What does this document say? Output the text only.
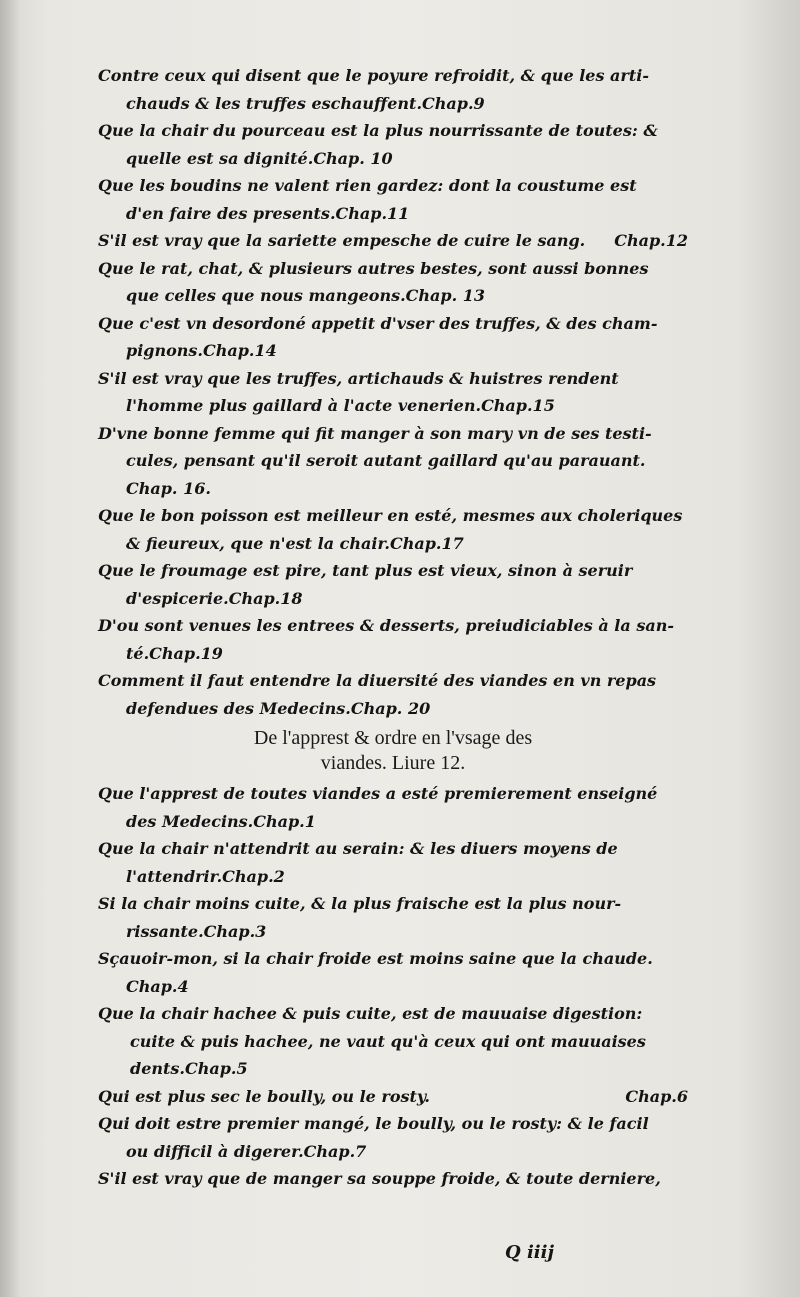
Contre ceux qui disent que le poyure refroidit, & que les arti-
chauds & les truffes eschauffent.Chap.9
Que la chair du pourceau est la plus nourrissante de toutes: &
quelle est sa dignité.Chap. 10
Que les boudins ne valent rien gardez: dont la coustume est
d'en faire des presents.Chap.11
S'il est vray que la sariette empesche de cuire le sang. Chap.12
Que le rat, chat, & plusieurs autres bestes, sont aussi bonnes
que celles que nous mangeons.Chap. 13
Que c'est vn desordoné appetit d'vser des truffes, & des cham-
pignons.Chap.14
S'il est vray que les truffes, artichauds & huistres rendent
l'homme plus gaillard à l'acte venerien.Chap.15
D'vne bonne femme qui fit manger à son mary vn de ses testi-
cules, pensant qu'il seroit autant gaillard qu'au parauant.
Chap. 16.
Que le bon poisson est meilleur en esté, mesmes aux choleriques
& fieureux, que n'est la chair.Chap.17
Que le froumage est pire, tant plus est vieux, sinon à seruir
d'espicerie.Chap.18
D'ou sont venues les entrees & desserts, preiudiciables à la san-
té.Chap.19
Comment il faut entendre la diuersité des viandes en vn repas
defendues des Medecins.Chap. 20
De l'apprest & ordre en l'vsage des
viandes. Liure 12.
Que l'apprest de toutes viandes a esté premierement enseigné
des Medecins.Chap.1
Que la chair n'attendrit au serain: & les diuers moyens de
l'attendrir.Chap.2
Si la chair moins cuite, & la plus fraische est la plus nour-
rissante.Chap.3
Sçauoir-mon, si la chair froide est moins saine que la chaude.
Chap.4
Que la chair hachee & puis cuite, est de mauuaise digestion:
cuite & puis hachee, ne vaut qu'à ceux qui ont mauuaises
dents.Chap.5
Qui est plus sec le boully, ou le rosty.	Chap.6
Qui doit estre premier mangé, le boully, ou le rosty: & le facil
ou difficil à digerer.Chap.7
S'il est vray que de manger sa souppe froide, & toute derniere,
Q iiij
